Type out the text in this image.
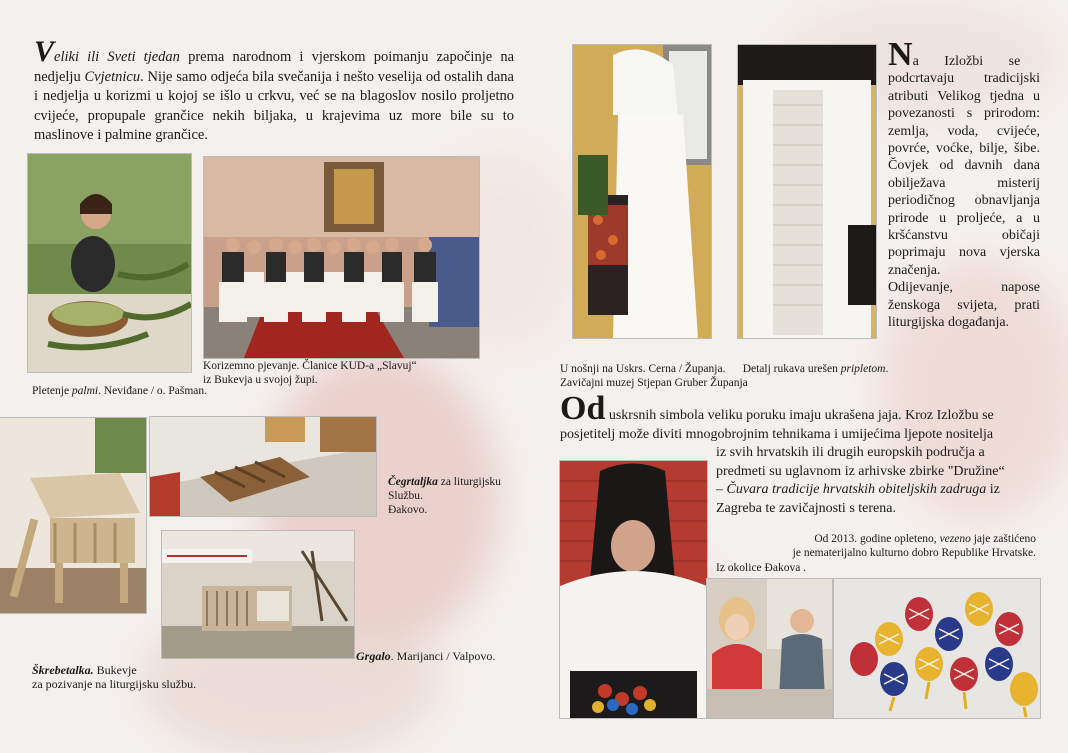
Veliki ili Sveti tjedan prema narodnom i vjerskom poimanju započinje na nedjelju Cvjetnicu. Nije samo odjeća bila svečanija i nešto veselija od ostalih dana i nedjelja u korizmi u kojoj se išlo u crkvu, već se na blagoslov nosilo proljetno cvijeće, propupale grančice nekih biljaka, u krajevima uz more bile su to maslinove i palmine grančice.
Korizemno pjevanje. Članice KUD-a „Slavuj“
iz Bukevja u svojoj župi.
Pletenje palmi. Neviđane / o. Pašman.
Čegrtaljka za liturgijsku
Službu.
Đakovo.
Grgalo. Marijanci / Valpovo.
Škrebetalka. Bukevje
za pozivanje na liturgijsku službu.
Na Izložbi se
podcrtavaju tradicijski atributi Velikog tjedna u povezanosti s prirodom: zemlja, voda, cvijeće, povrće, voćke, bilje, šibe. Čovjek od davnih dana obilježava misterij periodičnog obnavljanja prirode u proljeće, a u kršćanstvu običaji poprimaju nova vjerska značenja.
Odijevanje, napose ženskoga svijeta, prati liturgijska događanja.
U nošnji na Uskrs. Cerna / Županja. Detalj rukava urešen pripletom.
Zavičajni muzej Stjepan Gruber Županja
Od uskrsnih simbola veliku poruku imaju ukrašena jaja. Kroz Izložbu se
posjetitelj može diviti mnogobrojnim tehnikama i umijećima ljepote nositelja
iz svih hrvatskih ili drugih europskih područja a
predmeti su uglavnom iz arhivske zbirke "Družine“
– Čuvara tradicije hrvatskih obiteljskih zadruga iz
Zagreba te zavičajnosti s terena.
Od 2013. godine opleteno, vezeno jaje zaštićeno
je nematerijalno kulturno dobro Republike Hrvatske.
Iz okolice Đakova .
